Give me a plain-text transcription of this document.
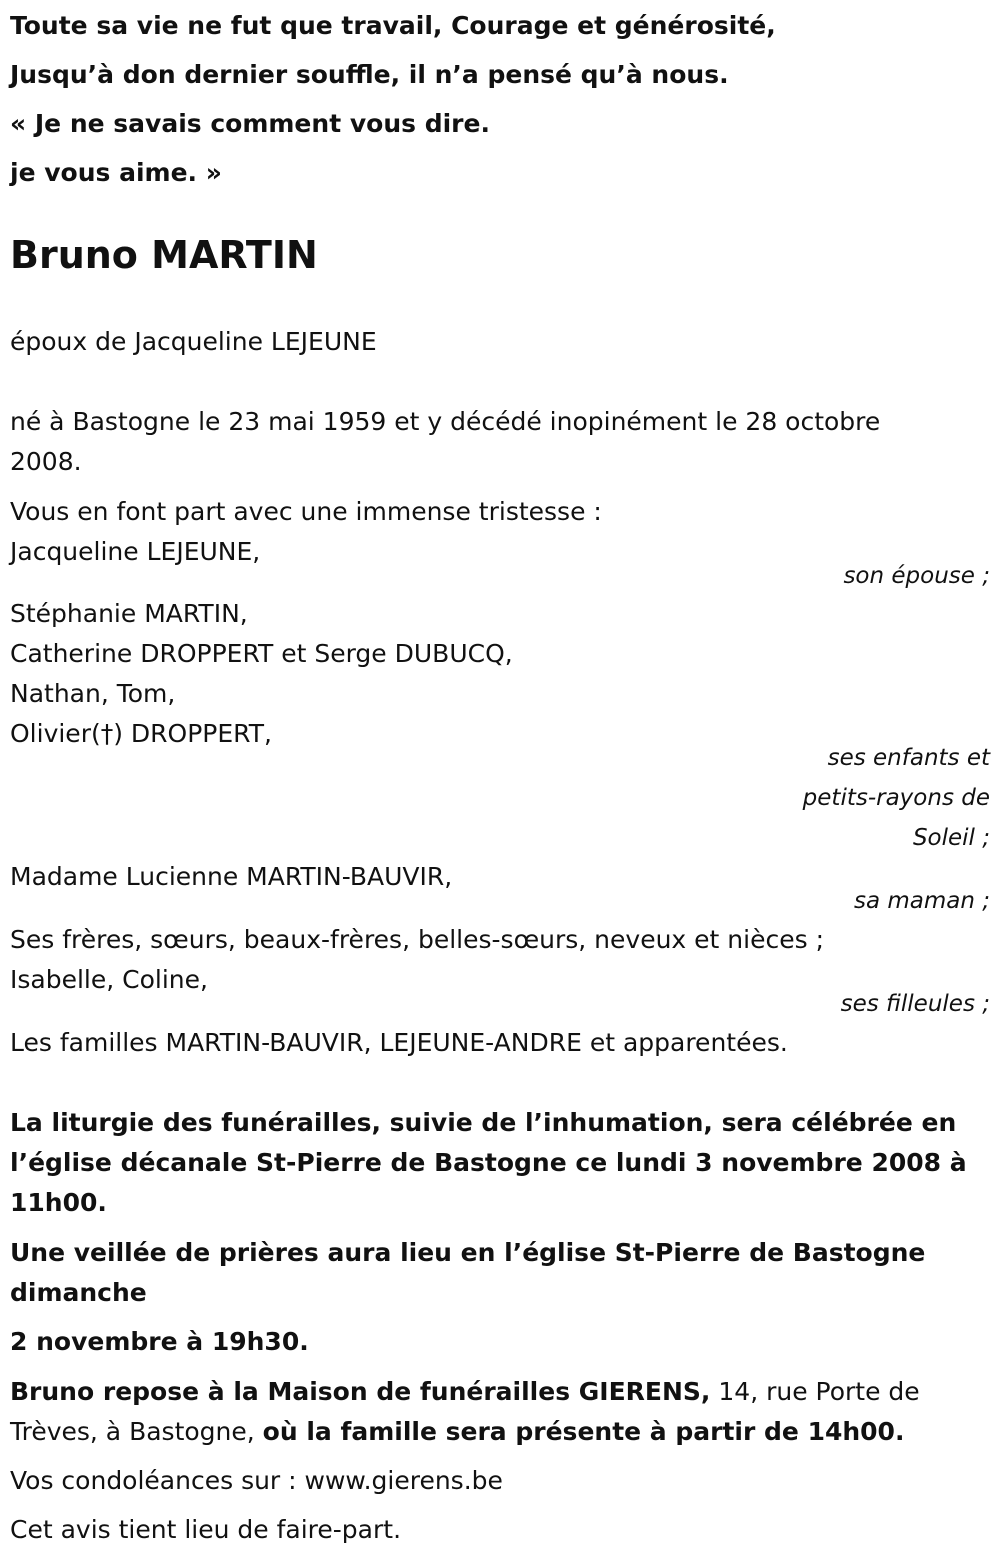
Toute sa vie ne fut que travail, Courage et générosité,
Jusqu’à don dernier souffle, il n’a pensé qu’à nous.
« Je ne savais comment vous dire.
je vous aime. »
Bruno MARTIN
époux de Jacqueline LEJEUNE
né à Bastogne le 23 mai 1959 et y décédé inopinément le 28 octobre 2008.
Vous en font part avec une immense tristesse :
Jacqueline LEJEUNE,
son épouse ;
Stéphanie MARTIN,
Catherine DROPPERT et Serge DUBUCQ,
Nathan, Tom,
Olivier(†) DROPPERT,
ses enfants et
petits-rayons de
Soleil ;
Madame Lucienne MARTIN-BAUVIR,
sa maman ;
Ses frères, sœurs, beaux-frères, belles-sœurs, neveux et nièces ;
Isabelle, Coline,
ses filleules ;
Les familles MARTIN-BAUVIR, LEJEUNE-ANDRE et apparentées.
La liturgie des funérailles, suivie de l’inhumation, sera célébrée en l’église décanale St-Pierre de Bastogne ce lundi 3 novembre 2008 à 11h00.
Une veillée de prières aura lieu en l’église St-Pierre de Bastogne dimanche
2 novembre à 19h30.
Bruno repose à la Maison de funérailles GIERENS, 14, rue Porte de Trèves, à Bastogne, où la famille sera présente à partir de 14h00.
Vos condoléances sur : www.gierens.be
Cet avis tient lieu de faire-part.
